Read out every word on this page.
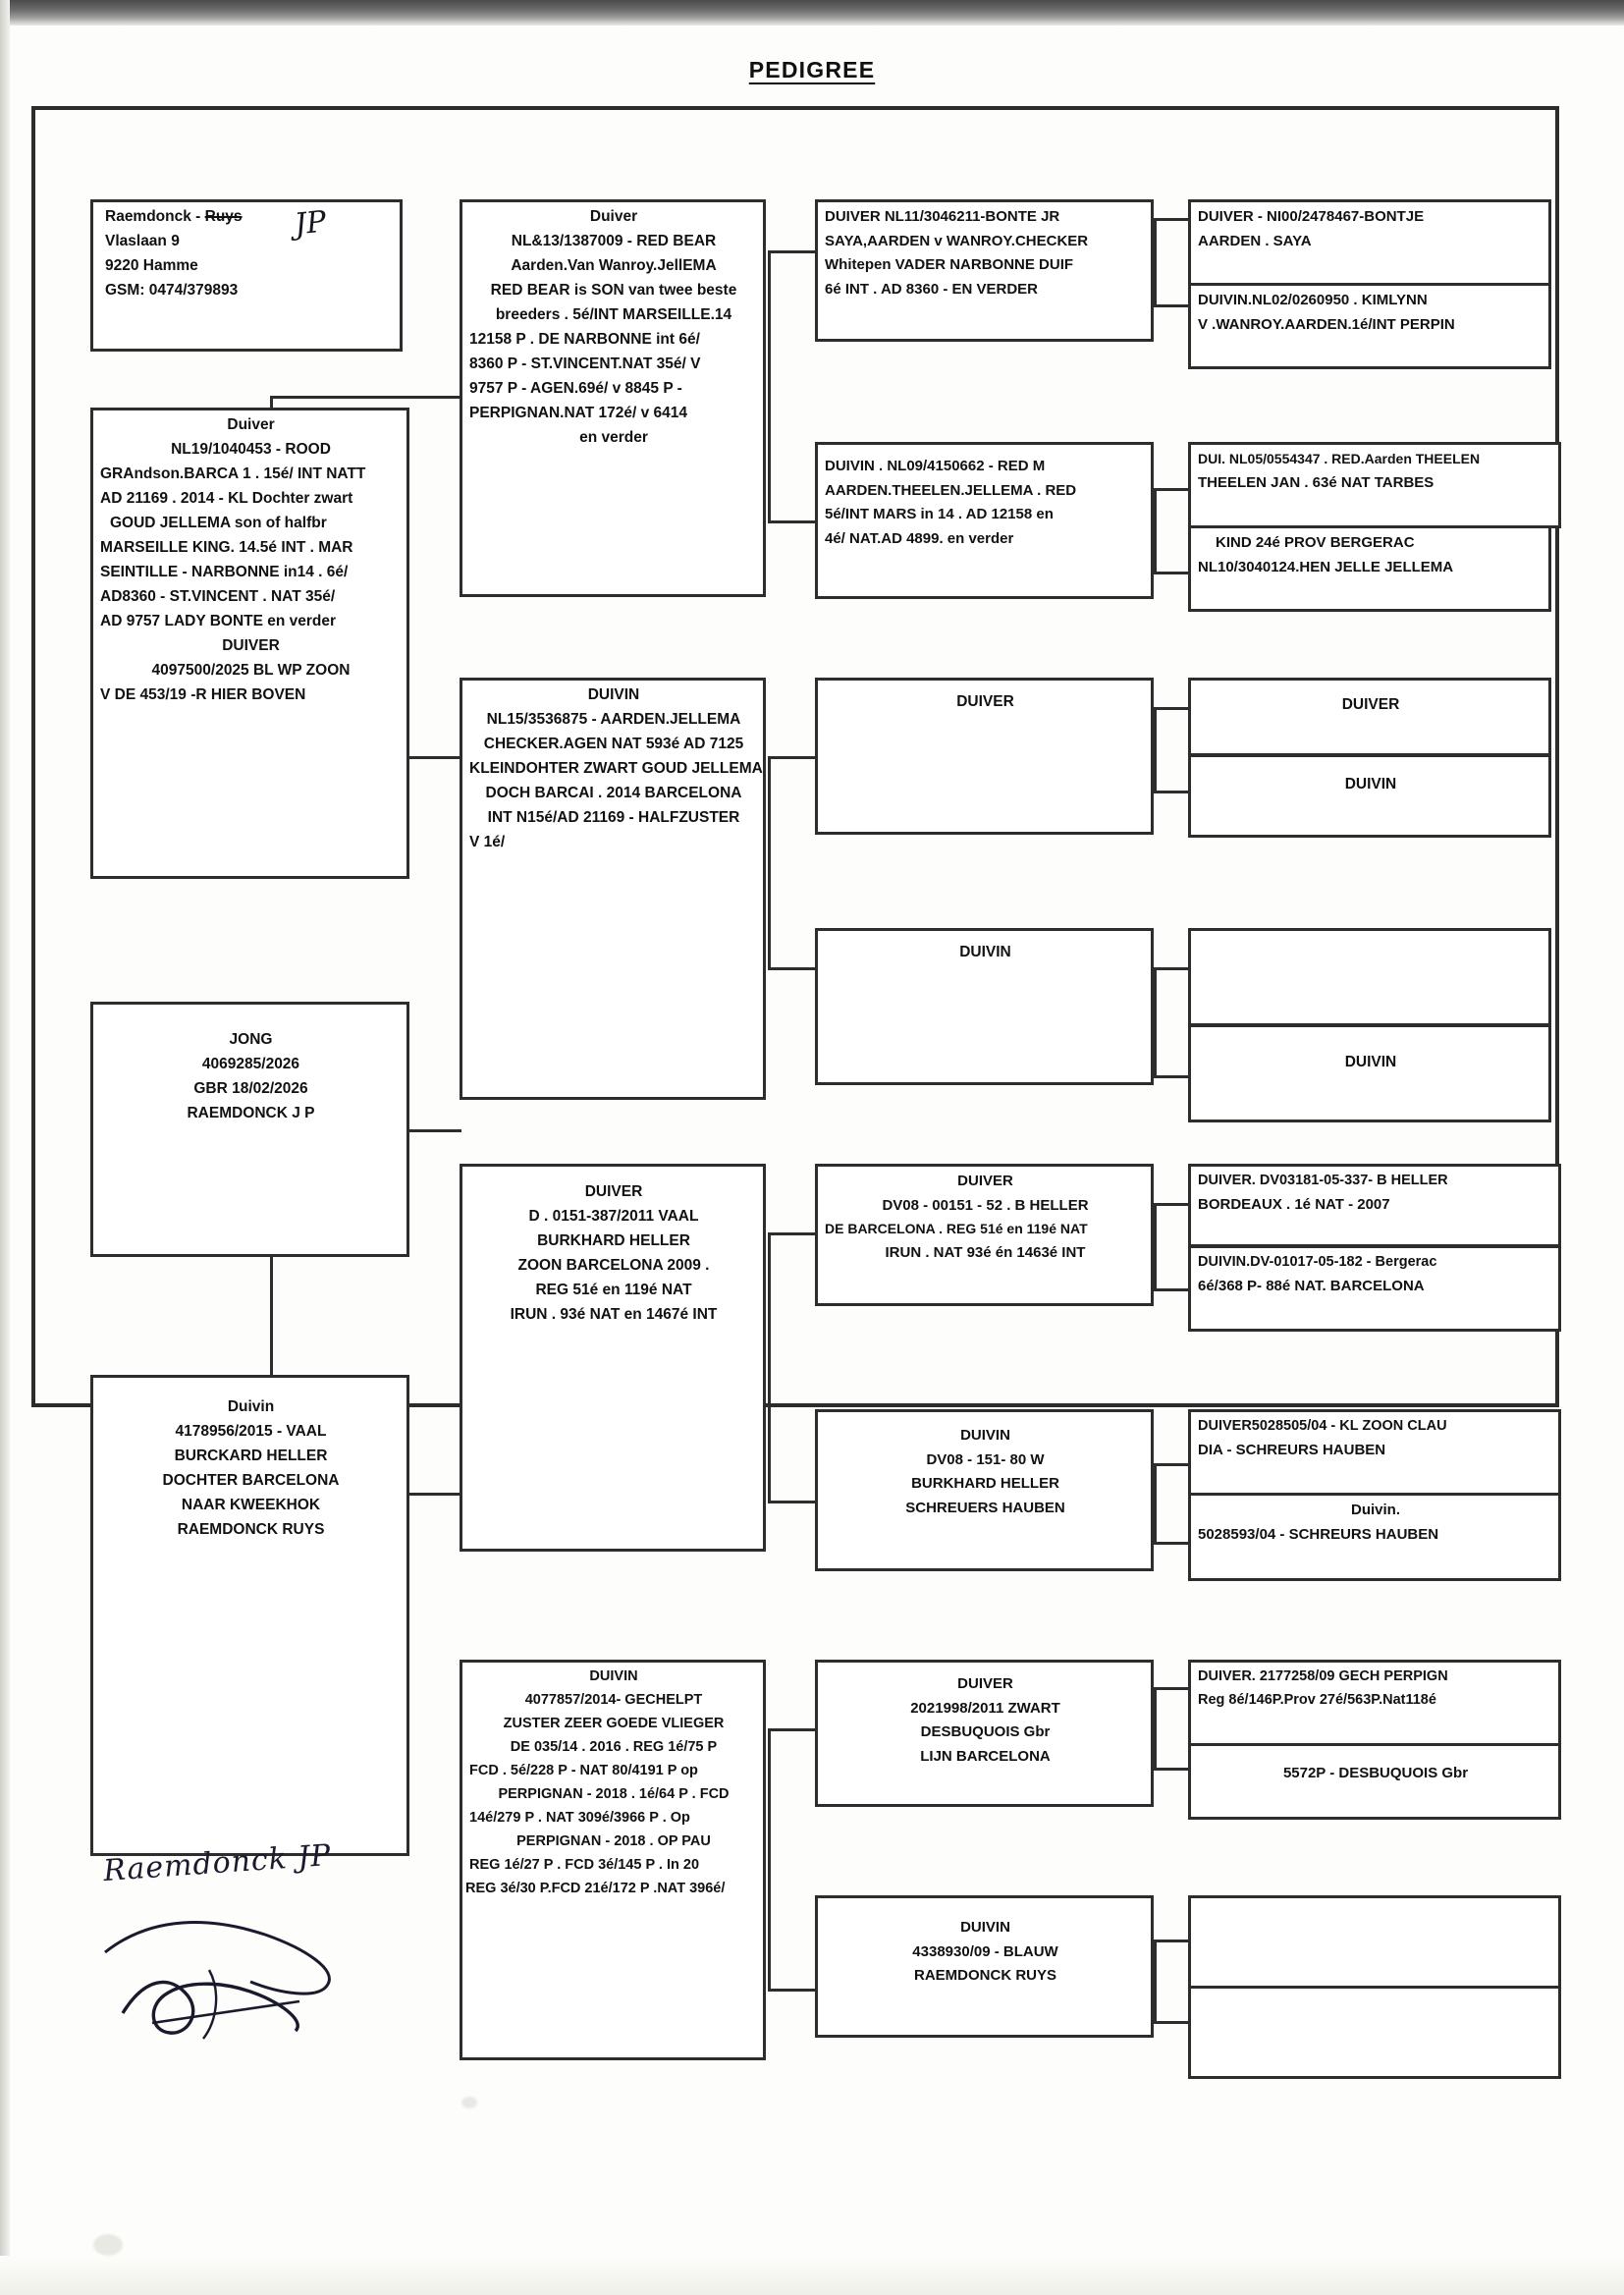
PEDIGREE
Raemdonck - Ruys
Vlaslaan 9
9220 Hamme
GSM: 0474/379893
JP
Duiver
NL19/1040453 - ROOD
GRAndson.BARCA 1 . 15é/ INT NATT
AD 21169 . 2014 - KL Dochter zwart
GOUD JELLEMA son of halfbr
MARSEILLE KING. 14.5é INT . MAR
SEINTILLE - NARBONNE in14 . 6é/
AD8360 - ST.VINCENT . NAT 35é/
AD 9757 LADY BONTE en verder
DUIVER
4097500/2025 BL WP ZOON
V DE 453/19 -R HIER BOVEN
JONG
4069285/2026
GBR 18/02/2026
RAEMDONCK J P
Duivin
4178956/2015 - VAAL
BURCKARD HELLER
DOCHTER BARCELONA
NAAR KWEEKHOK
RAEMDONCK RUYS
Duiver
NL&13/1387009 - RED BEAR
Aarden.Van Wanroy.JellEMA
RED BEAR is SON van twee beste
breeders . 5é/INT MARSEILLE.14
12158 P . DE NARBONNE int 6é/
8360 P - ST.VINCENT.NAT 35é/ V
9757 P - AGEN.69é/ v 8845 P -
PERPIGNAN.NAT 172é/ v 6414
en verder
DUIVIN
NL15/3536875 - AARDEN.JELLEMA
CHECKER.AGEN NAT 593é AD 7125
KLEINDOHTER ZWART GOUD JELLEMA
DOCH BARCAI . 2014 BARCELONA
INT N15é/AD 21169 - HALFZUSTER
V 1é/
DUIVER
D . 0151-387/2011 VAAL
BURKHARD HELLER
ZOON BARCELONA 2009 .
REG 51é en 119é NAT
IRUN . 93é NAT en 1467é INT
DUIVIN
4077857/2014- GECHELPT
ZUSTER ZEER GOEDE VLIEGER
DE 035/14 . 2016 . REG 1é/75 P
FCD . 5é/228 P - NAT 80/4191 P op
PERPIGNAN - 2018 . 1é/64 P . FCD
14é/279 P . NAT 309é/3966 P . Op
PERPIGNAN - 2018 . OP PAU
REG 1é/27 P . FCD 3é/145 P . In 20
REG 3é/30 P.FCD 21é/172 P .NAT 396é/
DUIVER NL11/3046211-BONTE JR
SAYA,AARDEN v WANROY.CHECKER
Whitepen VADER NARBONNE DUIF
6é INT . AD 8360 - EN VERDER
DUIVIN . NL09/4150662 - RED M
AARDEN.THEELEN.JELLEMA . RED
5é/INT MARS in 14 . AD 12158 en
4é/ NAT.AD 4899. en verder
DUIVER
DUIVIN
DUIVER
DV08 - 00151 - 52 . B HELLER
DE BARCELONA . REG 51é en 119é NAT
IRUN . NAT 93é én 1463é INT
DUIVIN
DV08 - 151- 80 W
BURKHARD HELLER
SCHREUERS HAUBEN
DUIVER
2021998/2011 ZWART
DESBUQUOIS Gbr
LIJN BARCELONA
DUIVIN
4338930/09 - BLAUW
RAEMDONCK RUYS
DUIVER - NI00/2478467-BONTJE
AARDEN . SAYA
DUIVIN.NL02/0260950 . KIMLYNN
V .WANROY.AARDEN.1é/INT PERPIN
DUI. NL05/0554347 . RED.Aarden THEELEN
THEELEN JAN . 63é NAT TARBES
KIND 24é PROV BERGERAC
NL10/3040124.HEN JELLE JELLEMA
DUIVER
DUIVIN
DUIVIN
DUIVER. DV03181-05-337- B HELLER
BORDEAUX . 1é NAT - 2007
DUIVIN.DV-01017-05-182 - Bergerac
6é/368 P- 88é NAT. BARCELONA
DUIVER5028505/04 - KL ZOON CLAU
DIA - SCHREURS HAUBEN
Duivin.
5028593/04 - SCHREURS HAUBEN
DUIVER. 2177258/09 GECH PERPIGN
Reg 8é/146P.Prov 27é/563P.Nat118é
5572P - DESBUQUOIS Gbr
Raemdonck JP
